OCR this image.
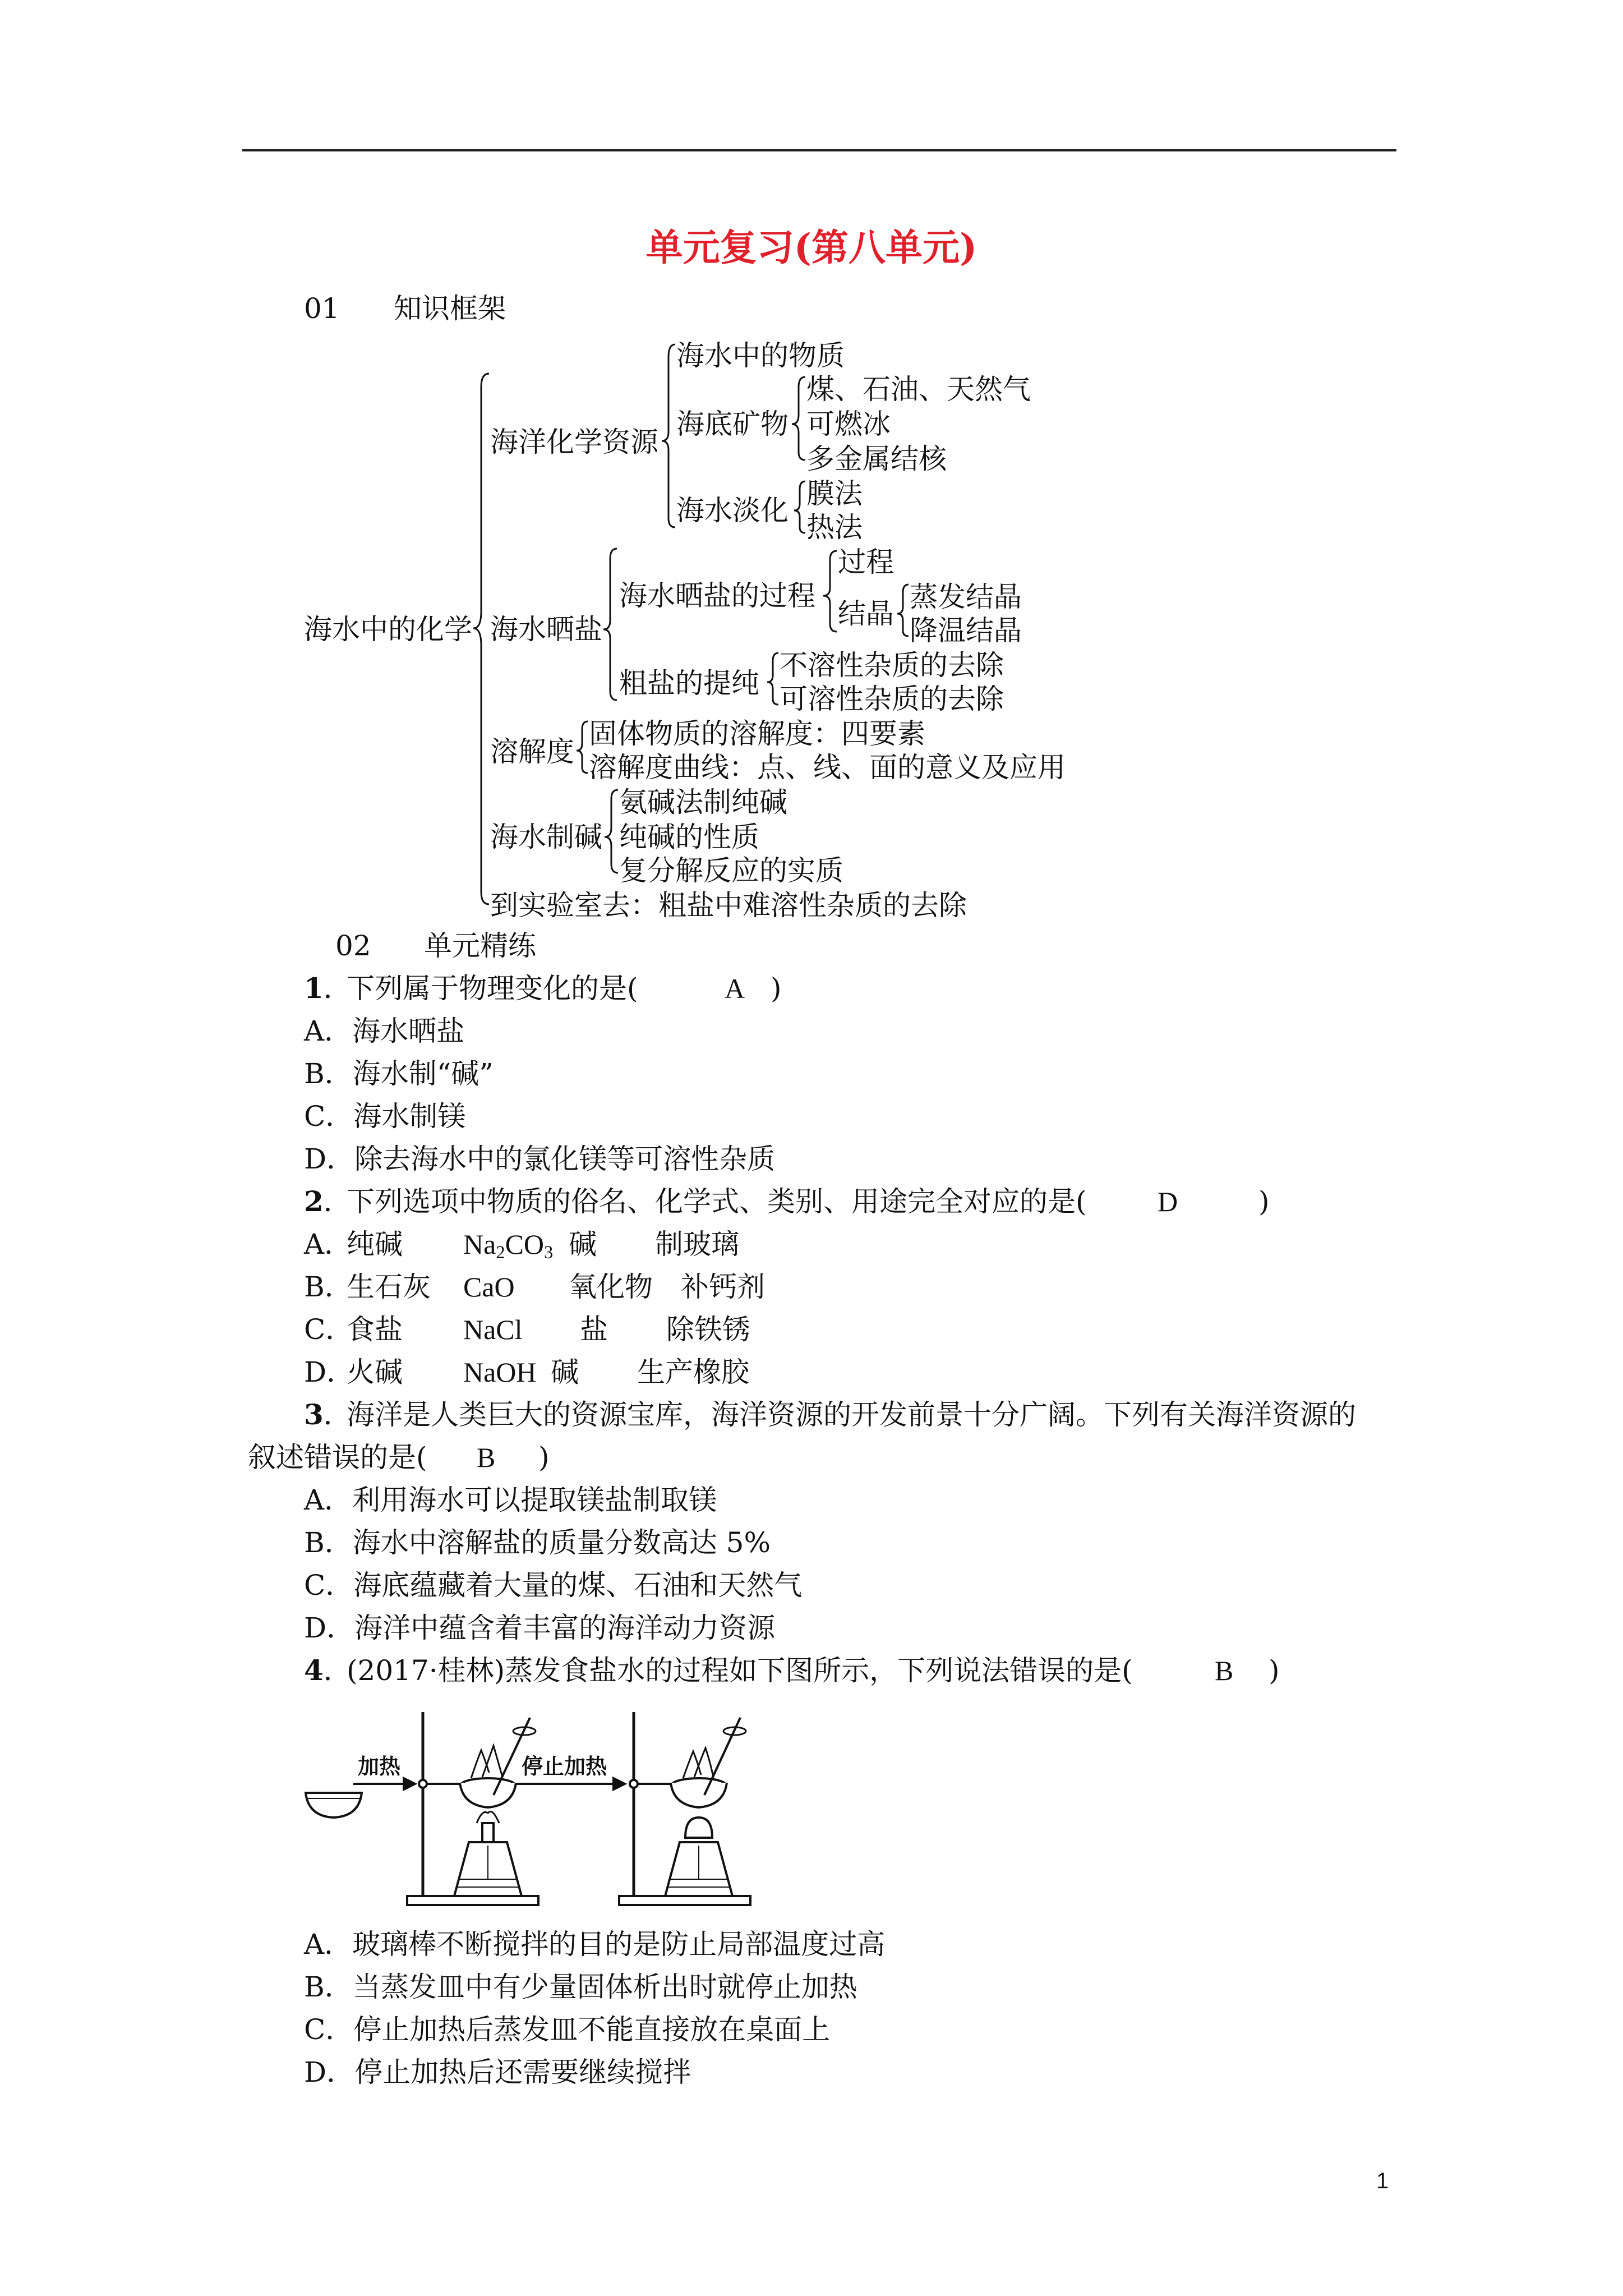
单元复习(第八单元)
01 知识框架
海水中的化学
海洋化学资源
海水中的物质
海底矿物
煤、石油、天然气
可燃冰
多金属结核
海水淡化
膜法
热法
海水晒盐
海水晒盐的过程
过程
结晶
蒸发结晶
降温结晶
粗盐的提纯
不溶性杂质的去除
可溶性杂质的去除
溶解度
固体物质的溶解度：四要素
溶解度曲线：点、线、面的意义及应用
海水制碱
氨碱法制纯碱
纯碱的性质
复分解反应的实质
到实验室去：粗盐中难溶性杂质的去除
02 单元精练
1．
下列属于物理变化的是(	A )
A．海水晒盐
B．海水制“碱”
C．海水制镁
D．除去海水中的氯化镁等可溶性杂质
2．
下列选项中物质的俗名、化学式、类别、用途完全对应的是(	D	)
A．
纯碱 $Na_2CO_3$ 碱 制玻璃
B．
生石灰 CaO 氧化物 补钙剂
C．
食盐 NaCl 盐 除铁锈
D．
火碱 NaOH 碱 生产橡胶
3．
海洋是人类巨大的资源宝库，海洋资源的开发前景十分广阔。下列有关海洋资源的
叙述错误的是( B )
A．利用海水可以提取镁盐制取镁
B．海水中溶解盐的质量分数高达 5%
C．海底蕴藏着大量的煤、石油和天然气
D．海洋中蕴含着丰富的海洋动力资源
4．
(2017·桂林)蒸发食盐水的过程如下图所示，下列说法错误的是(	B )
加热	停止加热
A．玻璃棒不断搅拌的目的是防止局部温度过高
B．当蒸发皿中有少量固体析出时就停止加热
C．停止加热后蒸发皿不能直接放在桌面上
D．停止加热后还需要继续搅拌
1
